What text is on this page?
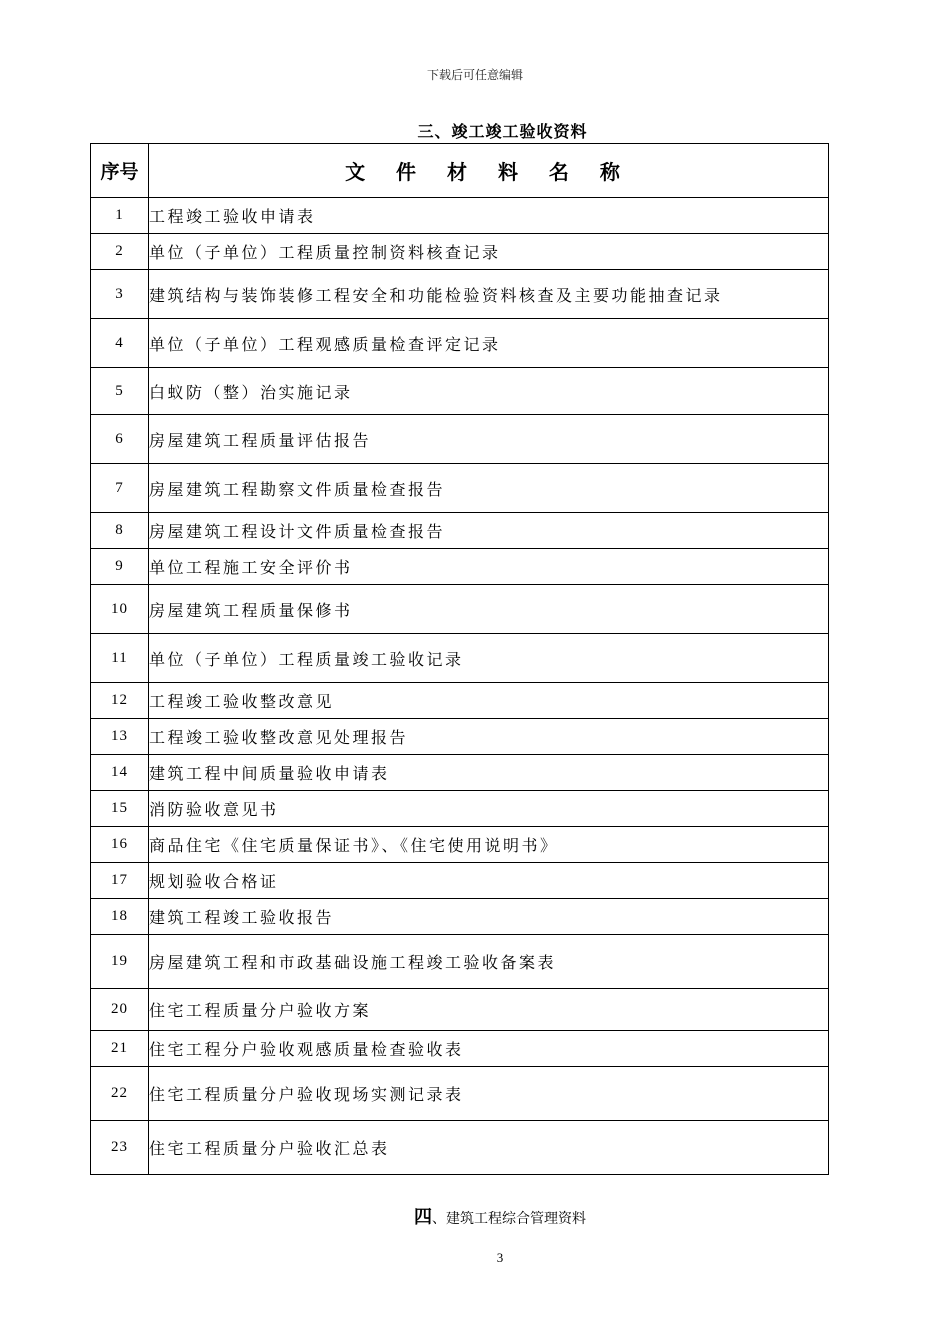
下载后可任意编辑
三、竣工竣工验收资料
序号	文 件 材 料 名 称
1	工程竣工验收申请表
2	单位（子单位）工程质量控制资料核查记录
3	建筑结构与装饰装修工程安全和功能检验资料核查及主要功能抽查记录
4	单位（子单位）工程观感质量检查评定记录
5	白蚁防（整）治实施记录
6	房屋建筑工程质量评估报告
7	房屋建筑工程勘察文件质量检查报告
8	房屋建筑工程设计文件质量检查报告
9	单位工程施工安全评价书
10	房屋建筑工程质量保修书
11	单位（子单位）工程质量竣工验收记录
12	工程竣工验收整改意见
13	工程竣工验收整改意见处理报告
14	建筑工程中间质量验收申请表
15	消防验收意见书
16	商品住宅《住宅质量保证书》、《住宅使用说明书》
17	规划验收合格证
18	建筑工程竣工验收报告
19	房屋建筑工程和市政基础设施工程竣工验收备案表
20	住宅工程质量分户验收方案
21	住宅工程分户验收观感质量检查验收表
22	住宅工程质量分户验收现场实测记录表
23	住宅工程质量分户验收汇总表
四、建筑工程综合管理资料
3
